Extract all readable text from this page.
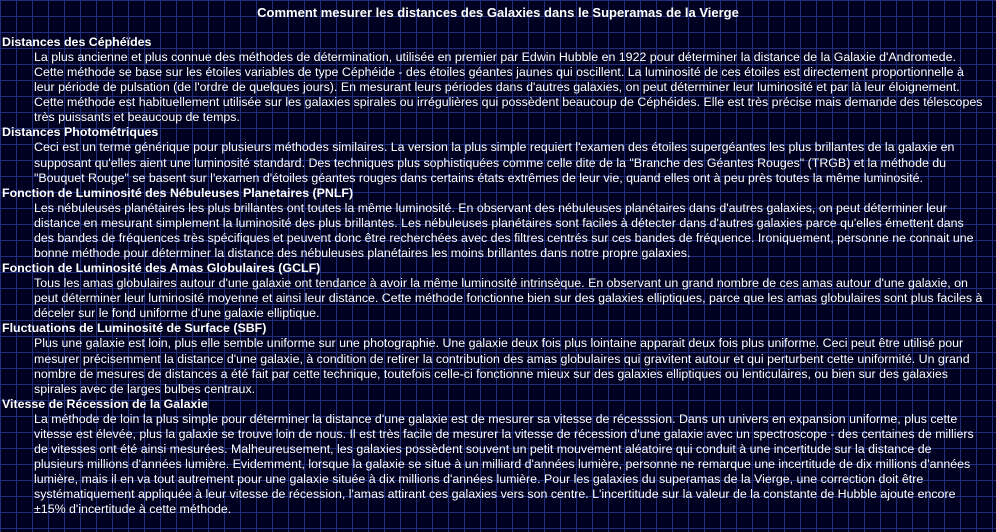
Comment mesurer les distances des Galaxies dans le Superamas de la Vierge
Distances des Céphéïdes

La plus ancienne et plus connue des méthodes de détermination, utilisée en premier par Edwin Hubble en 1922 pour déterminer la distance de la Galaxie d'Andromede. Cette méthode se base sur les étoiles variables de type Céphéide - des étoiles géantes jaunes qui oscillent. La luminosité de ces étoiles est directement proportionnelle à leur période de pulsation (de l'ordre de quelques jours). En mesurant leurs périodes dans d'autres galaxies, on peut déterminer leur luminosité et par là leur éloignement. Cette méthode est habituellement utilisée sur les galaxies spirales ou irrégulières qui possèdent beaucoup de Céphéides. Elle est très précise mais demande des télescopes très puissants et beaucoup de temps.

Distances Photométriques

Ceci est un terme générique pour plusieurs méthodes similaires. La version la plus simple requiert l'examen des étoiles supergéantes les plus brillantes de la galaxie en supposant qu'elles aient une luminosité standard. Des techniques plus sophistiquées comme celle dite de la "Branche des Géantes Rouges" (TRGB) et la méthode du "Bouquet Rouge" se basent sur l'examen d'étoiles géantes rouges dans certains états extrêmes de leur vie, quand elles ont à peu près toutes la même luminosité.

Fonction de Luminosité des Nébuleuses Planetaires (PNLF)

Les nébuleuses planétaires les plus brillantes ont toutes la même luminosité. En observant des nébuleuses planétaires dans d'autres galaxies, on peut déterminer leur distance en mesurant simplement la luminosité des plus brillantes. Les nébuleuses planétaires sont faciles à détecter dans d'autres galaxies parce qu'elles émettent dans des bandes de fréquences très spécifiques et peuvent donc être recherchées avec des filtres centrés sur ces bandes de fréquence. Ironiquement, personne ne connait une bonne méthode pour déterminer la distance des nébuleuses planétaires les moins brillantes dans notre propre galaxies.

Fonction de Luminosité des Amas Globulaires (GCLF)

Tous les amas globulaires autour d'une galaxie ont tendance à avoir la même luminosité intrinsèque. En observant un grand nombre de ces amas autour d'une galaxie, on peut déterminer leur luminosité moyenne et ainsi leur distance. Cette méthode fonctionne bien sur des galaxies elliptiques, parce que les amas globulaires sont plus faciles à déceler sur le fond uniforme d'une galaxie elliptique.

Fluctuations de Luminosité de Surface (SBF)

Plus une galaxie est loin, plus elle semble uniforme sur une photographie. Une galaxie deux fois plus lointaine apparait deux fois plus uniforme. Ceci peut être utilisé pour mesurer précisemment la distance d'une galaxie, à condition de retirer la contribution des amas globulaires qui gravitent autour et qui perturbent cette uniformité. Un grand nombre de mesures de distances a été fait par cette technique, toutefois celle-ci fonctionne mieux sur des galaxies elliptiques ou lenticulaires, ou bien sur des galaxies spirales avec de larges bulbes centraux.

Vitesse de Récession de la Galaxie

La méthode de loin la plus simple pour déterminer la distance d'une galaxie est de mesurer sa vitesse de récesssion. Dans un univers en expansion uniforme, plus cette vitesse est élevée, plus la galaxie se trouve loin de nous. Il est très facile de mesurer la vitesse de récession d'une galaxie avec un spectroscope - des centaines de milliers de vitesses ont été ainsi mesurées. Malheureusement, les galaxies possèdent souvent un petit mouvement aléatoire qui conduit à une incertitude sur la distance de plusieurs millions d'années lumière. Evidemment, lorsque la galaxie se situe à un milliard d'années lumière, personne ne remarque une incertitude de dix millions d'années lumière, mais il en va tout autrement pour une galaxie située à dix millions d'années lumière. Pour les galaxies du superamas de la Vierge, une correction doit être systématiquement appliquée à leur vitesse de récession, l'amas attirant ces galaxies vers son centre. L'incertitude sur la valeur de la constante de Hubble ajoute encore ±15% d'incertitude à cette méthode.
